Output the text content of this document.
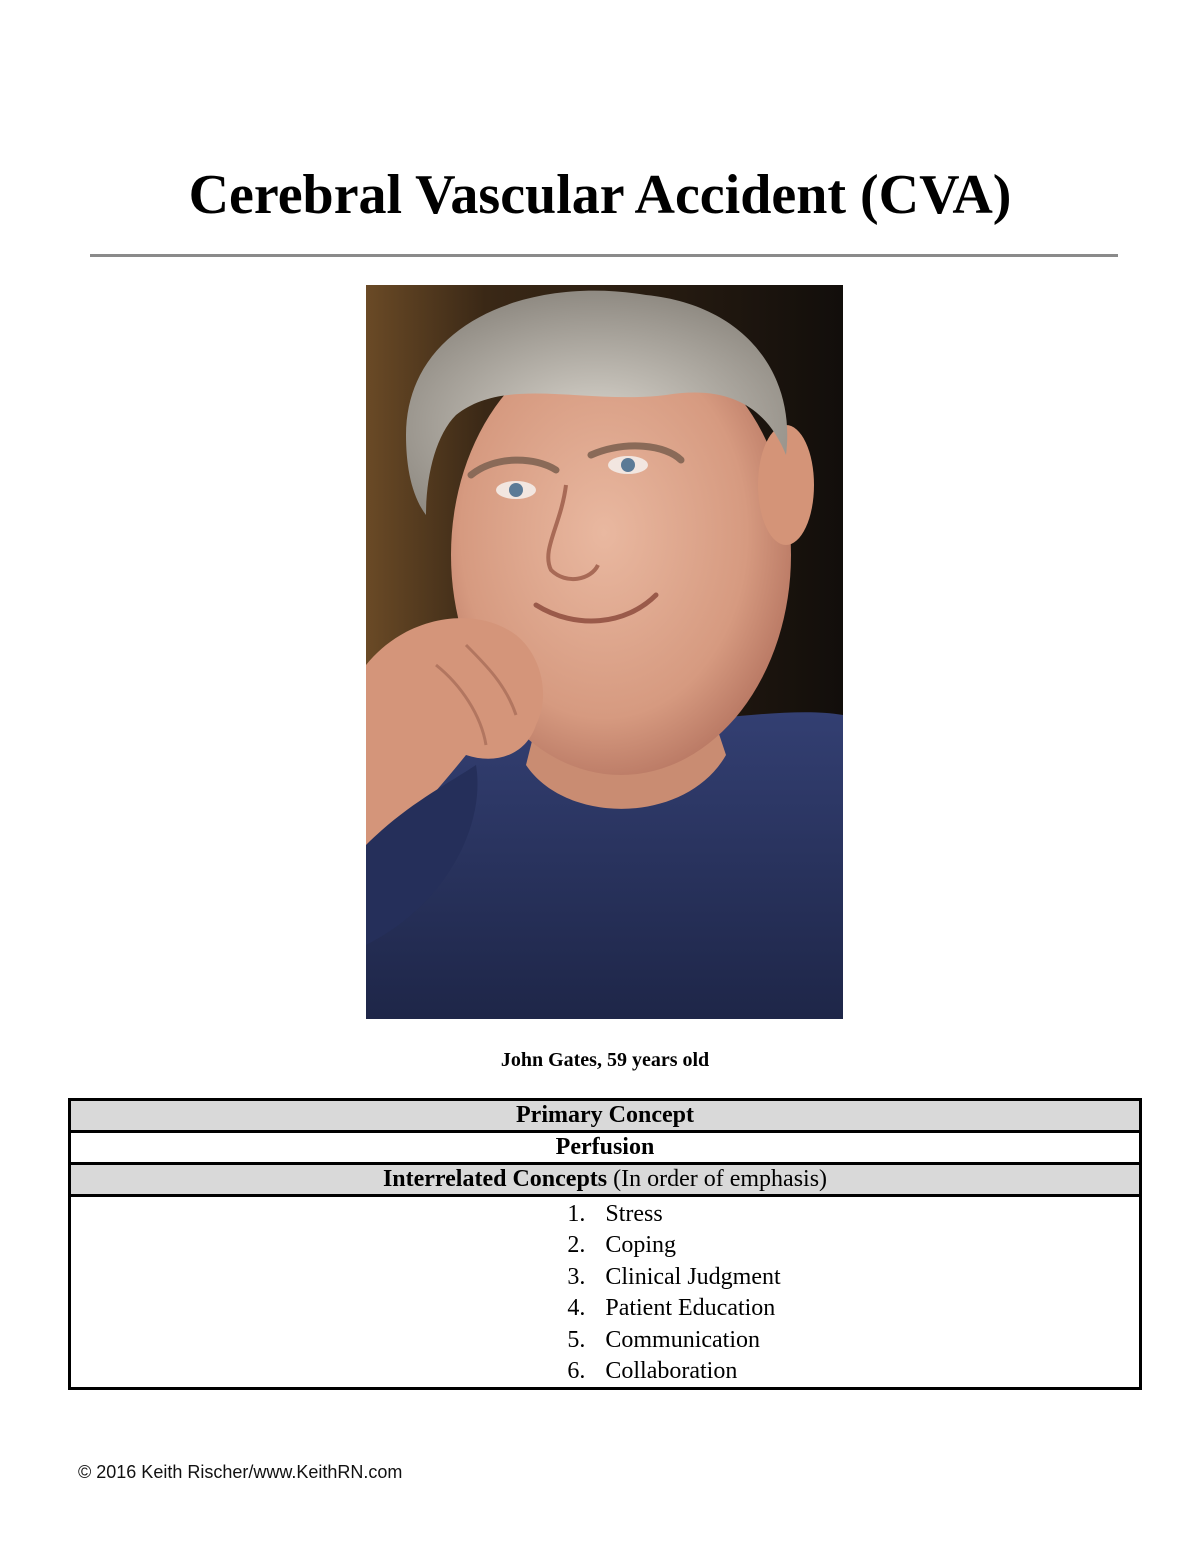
Cerebral Vascular Accident (CVA)
John Gates, 59 years old
Primary Concept
Perfusion
Interrelated Concepts (In order of emphasis)

1. Stress
2. Coping
3. Clinical Judgment
4. Patient Education
5. Communication
6. Collaboration
© 2016 Keith Rischer/www.KeithRN.com
